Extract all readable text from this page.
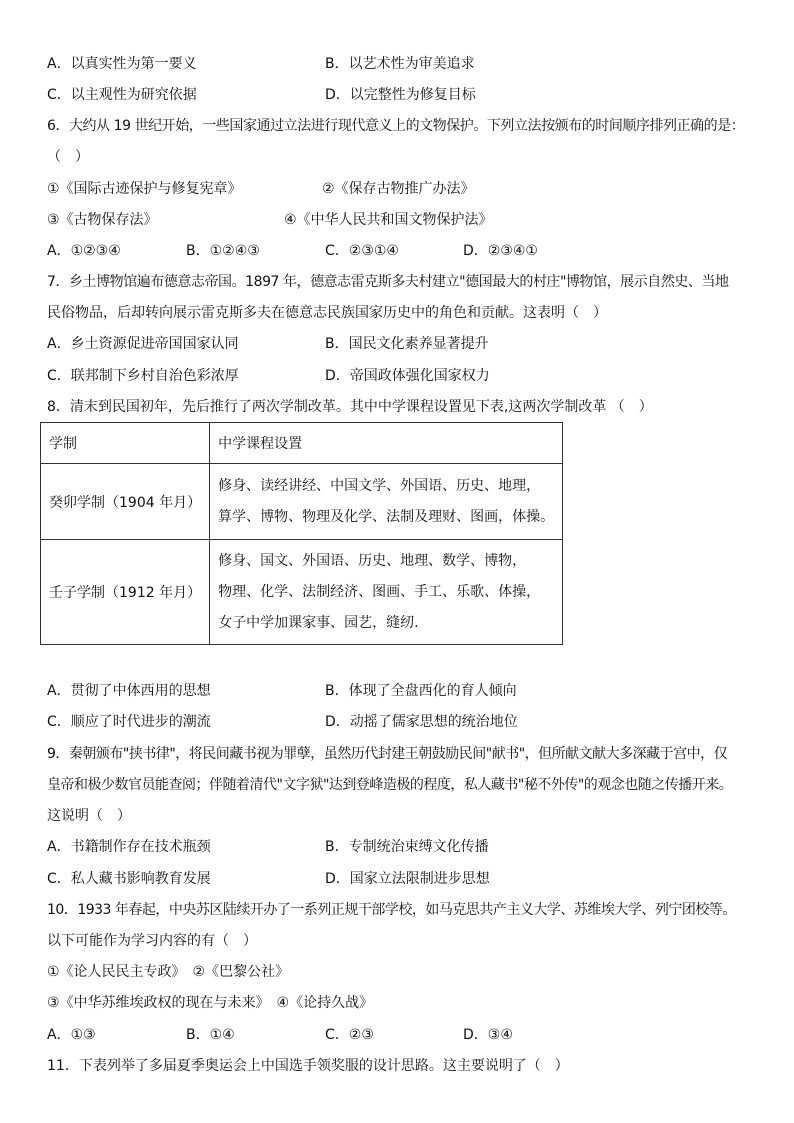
A．以真实性为第一要义	B．以艺术性为审美追求
C．以主观性为研究依据	D．以完整性为修复目标
6．大约从 19 世纪开始，一些国家通过立法进行现代意义上的文物保护。下列立法按颁布的时间顺序排列正确的是：
（　）
①《国际古迹保护与修复宪章》	②《保存古物推广办法》
③《古物保存法》	④《中华人民共和国文物保护法》
A．①②③④	B．①②④③	C．②③①④	D．②③④①
7．乡土博物馆遍布德意志帝国。1897 年，德意志雷克斯多夫村建立"德国最大的村庄"博物馆，展示自然史、当地
民俗物品，后却转向展示雷克斯多夫在德意志民族国家历史中的角色和贡献。这表明（　）
A．乡土资源促进帝国国家认同	B．国民文化素养显著提升
C．联邦制下乡村自治色彩浓厚	D．帝国政体强化国家权力
8．清末到民国初年，先后推行了两次学制改革。其中中学课程设置见下表,这两次学制改革 （　）
学制	中学课程设置
癸卯学制（1904 年月）	修身、读经讲经、中国文学、外国语、历史、地理，
算学、博物、物理及化学、法制及理财、图画，体操。

壬子学制（1912 年月）	修身、国文、外国语、历史、地理、数学、博物，
物理、化学、法制经济、图画、手工、乐歌、体操，
女子中学加课家事、园艺，缝纫.
A．贯彻了中体西用的思想	B．体现了全盘西化的育人倾向
C．顺应了时代进步的潮流	D．动摇了儒家思想的统治地位
9．秦朝颁布"挟书律"，将民间藏书视为罪孽，虽然历代封建王朝鼓励民间"献书"，但所献文献大多深藏于宫中，仅
皇帝和极少数官员能查阅；伴随着清代"文字狱"达到登峰造极的程度，私人藏书"秘不外传"的观念也随之传播开来。
这说明（　）
A．书籍制作存在技术瓶颈	B．专制统治束缚文化传播
C．私人藏书影响教育发展	D．国家立法限制进步思想
10．1933 年春起，中央苏区陆续开办了一系列正规干部学校，如马克思共产主义大学、苏维埃大学、列宁团校等。
以下可能作为学习内容的有（　）
①《论人民民主专政》　②《巴黎公社》
③《中华苏维埃政权的现在与未来》　④《论持久战》
A．①③	B．①④	C．②③	D．③④
11．下表列举了多届夏季奥运会上中国选手领奖服的设计思路。这主要说明了（　）
